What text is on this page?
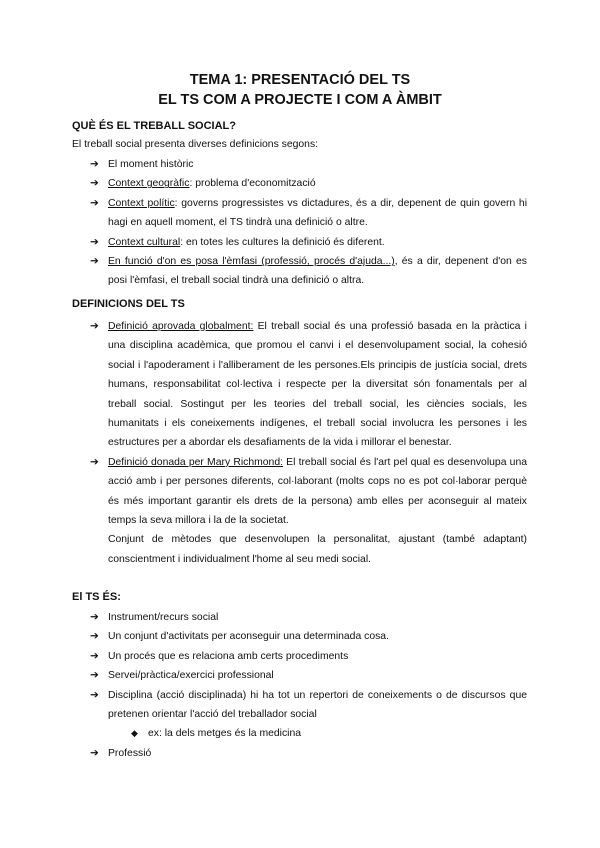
TEMA 1: PRESENTACIÓ DEL TS
EL TS COM A PROJECTE I COM A ÀMBIT
QUÈ ÉS EL TREBALL SOCIAL?
El treball social presenta diverses definicions segons:
➔ El moment històric
➔ Context geogràfic: problema d'economització
➔ Context polític: governs progressistes vs dictadures, és a dir, depenent de quin govern hi hagi en aquell moment, el TS tindrà una definició o altre.
➔ Context cultural: en totes les cultures la definició és diferent.
➔ En funció d'on es posa l'èmfasi (professió, procés d'ajuda...), és a dir, depenent d'on es posi l'èmfasi, el treball social tindrà una definició o altra.
DEFINICIONS DEL TS
➔ Definició aprovada globalment: El treball social és una professió basada en la pràctica i una disciplina acadèmica, que promou el canvi i el desenvolupament social, la cohesió social i l'apoderament i l'alliberament de les persones.Els principis de justícia social, drets humans, responsabilitat col·lectiva i respecte per la diversitat són fonamentals per al treball social. Sostingut per les teories del treball social, les ciències socials, les humanitats i els coneixements indígenes, el treball social involucra les persones i les estructures per a abordar els desafiaments de la vida i millorar el benestar.
➔ Definició donada per Mary Richmond: El treball social és l'art pel qual es desenvolupa una acció amb i per persones diferents, col·laborant (molts cops no es pot col·laborar perquè és més important garantir els drets de la persona) amb elles per aconseguir al mateix temps la seva millora i la de la societat.
Conjunt de mètodes que desenvolupen la personalitat, ajustant (també adaptant) conscientment i individualment l'home al seu medi social.
El TS ÉS:
➔ Instrument/recurs social
➔ Un conjunt d'activitats per aconseguir una determinada cosa.
➔ Un procés que es relaciona amb certs procediments
➔ Servei/pràctica/exercici professional
➔ Disciplina (acció disciplinada) hi ha tot un repertori de coneixements o de discursos que pretenen orientar l'acció del treballador social
◆ ex: la dels metges és la medicina
➔ Professió
